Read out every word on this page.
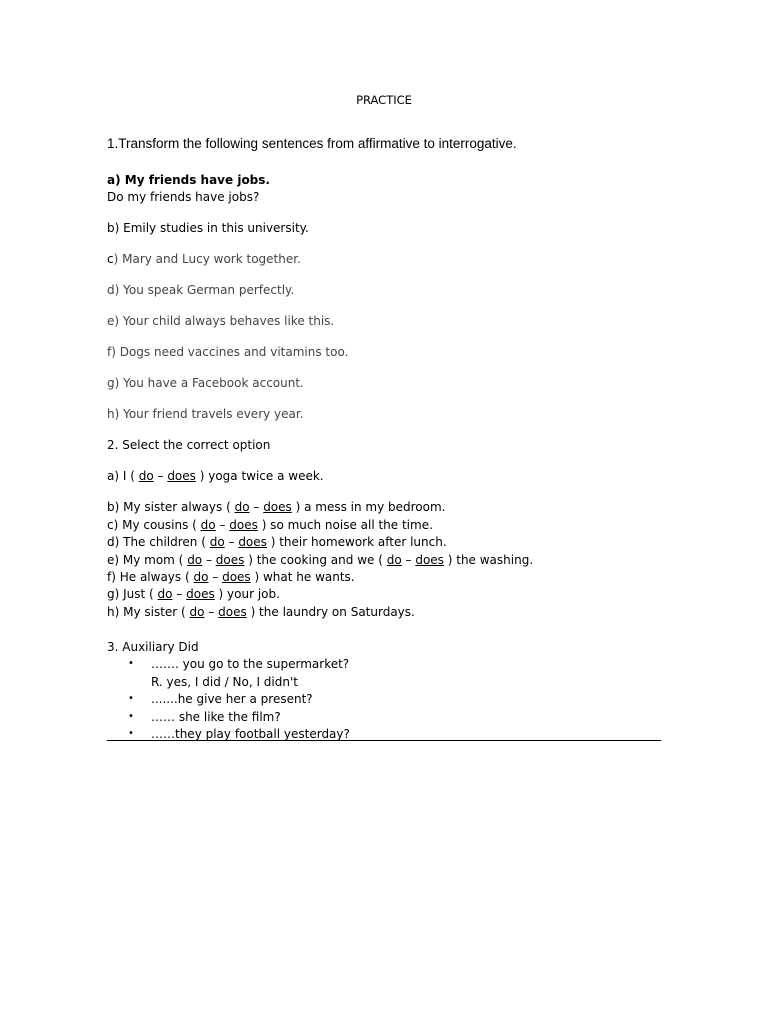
PRACTICE
1.Transform the following sentences from affirmative to interrogative.
a) My friends have jobs.
Do my friends have jobs?
b) Emily studies in this university.
c) Mary and Lucy work together.
d) You speak German perfectly.
e) Your child always behaves like this.
f) Dogs need vaccines and vitamins too.
g) You have a Facebook account.
h) Your friend travels every year.
2. Select the correct option
a) I ( do – does ) yoga twice a week.
b) My sister always ( do – does ) a mess in my bedroom.
c) My cousins ( do – does ) so much noise all the time.
d) The children ( do – does ) their homework after lunch.
e) My mom ( do – does ) the cooking and we ( do – does ) the washing.
f) He always ( do – does ) what he wants.
g) Just ( do – does ) your job.
h) My sister ( do – does ) the laundry on Saturdays.
3. Auxiliary Did
• ……. you go to the supermarket?
R. yes, I did / No, I didn't
• .......he give her a present?
• …… she like the film?
• ……they play football yesterday?
